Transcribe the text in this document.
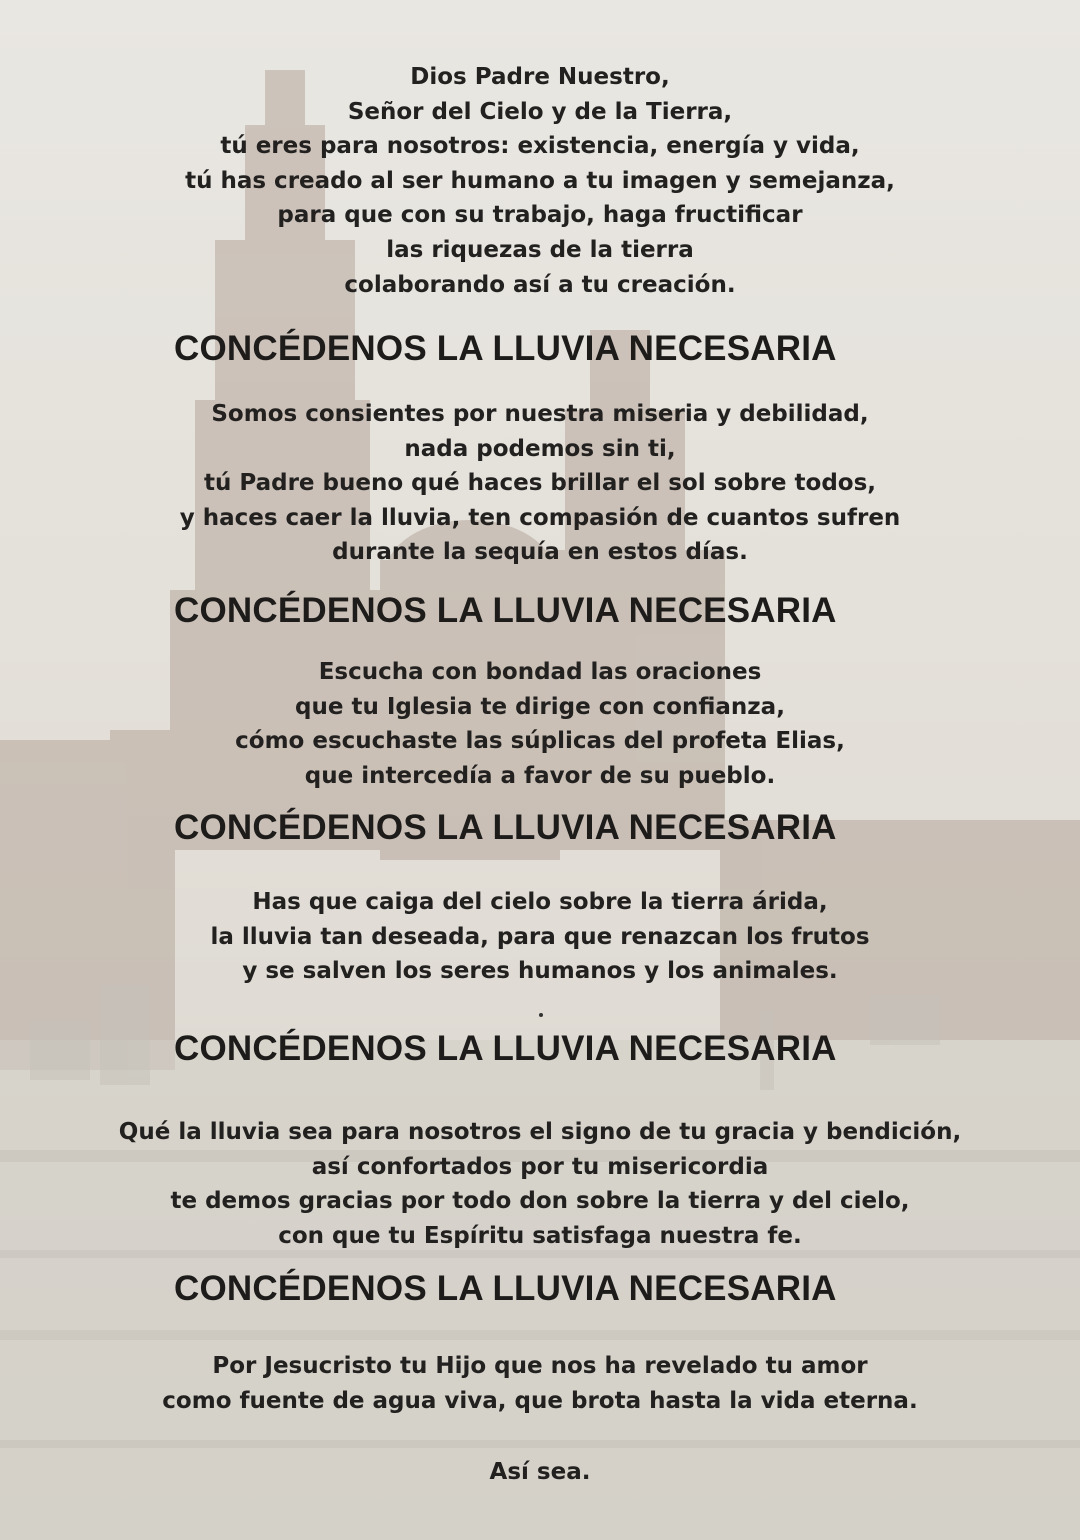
Dios Padre Nuestro,
Señor del Cielo y de la Tierra,
tú eres para nosotros: existencia, energía y vida,
tú has creado al ser humano a tu imagen y semejanza,
para que con su trabajo, haga fructificar
las riquezas de la tierra
colaborando así a tu creación.
CONCÉDENOS LA LLUVIA NECESARIA
Somos consientes por nuestra miseria y debilidad,
nada podemos sin ti,
tú Padre bueno qué haces brillar el sol sobre todos,
y haces caer la lluvia, ten compasión de cuantos sufren
durante la sequía en estos días.
CONCÉDENOS LA LLUVIA NECESARIA
Escucha con bondad las oraciones
que tu Iglesia te dirige con confianza,
cómo escuchaste las súplicas del profeta Elias,
que intercedía a favor de su pueblo.
CONCÉDENOS LA LLUVIA NECESARIA
Has que caiga del cielo sobre la tierra árida,
la lluvia tan deseada, para que renazcan los frutos
y se salven los seres humanos y los animales.
CONCÉDENOS LA LLUVIA NECESARIA
Qué la lluvia sea para nosotros el signo de tu gracia y bendición,
así confortados por tu misericordia
te demos gracias por todo don sobre la tierra y del cielo,
con que tu Espíritu satisfaga nuestra fe.
CONCÉDENOS LA LLUVIA NECESARIA
Por Jesucristo tu Hijo que nos ha revelado tu amor
como fuente de agua viva, que brota hasta la vida eterna.
Así sea.
